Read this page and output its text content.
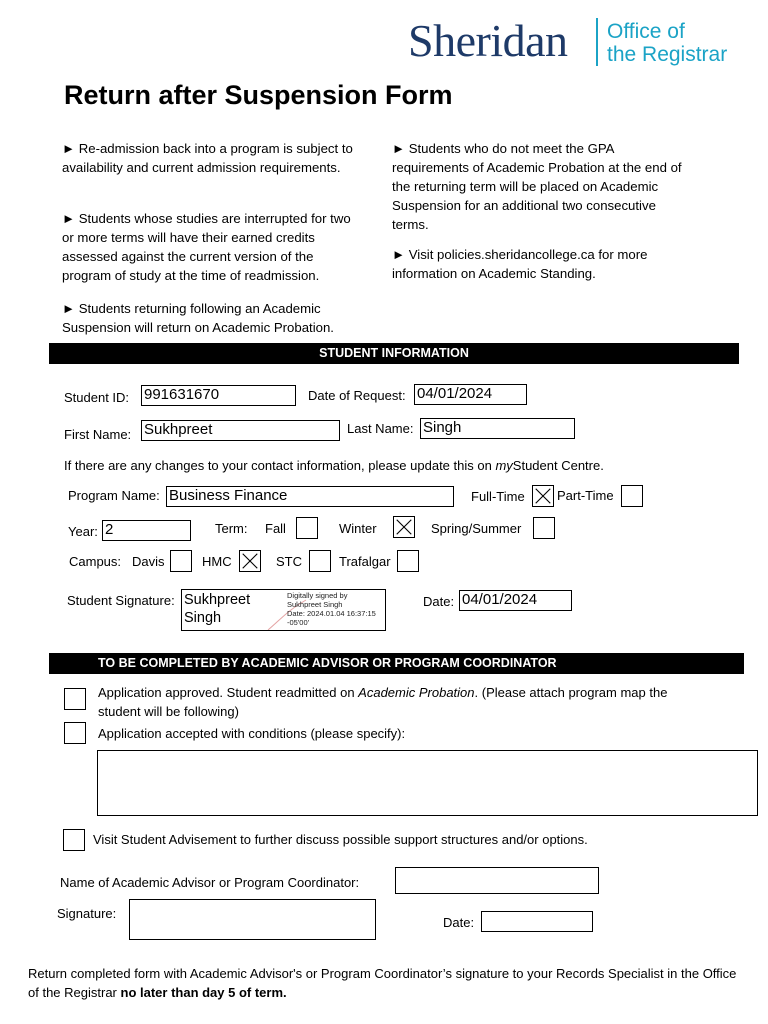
Sheridan Office of
the Registrar
Return after Suspension Form
► Re-admission back into a program is subject to availability and current admission requirements.
► Students whose studies are interrupted for two or more terms will have their earned credits assessed against the current version of the program of study at the time of readmission.
► Students returning following an Academic Suspension will return on Academic Probation.
► Students who do not meet the GPA requirements of Academic Probation at the end of the returning term will be placed on Academic Suspension for an additional two consecutive terms.
► Visit policies.sheridancollege.ca for more information on Academic Standing.
STUDENT INFORMATION
Student ID: 991631670	Date of Request: 04/01/2024
First Name: Sukhpreet	Last Name: Singh
If there are any changes to your contact information, please update this on myStudent Centre.
Program Name: Business Finance	Full-Time Part-Time
Year: 2	Term: Fall	Winter	Spring/Summer
Campus: Davis	HMC	STC	Trafalgar
Student Signature: Sukhpreet
Singh
Digitally signed by
Sukhpreet Singh
Date: 2024.01.04 16:37:15
-05'00'
Date: 04/01/2024
TO BE COMPLETED BY ACADEMIC ADVISOR OR PROGRAM COORDINATOR
Application approved. Student readmitted on Academic Probation. (Please attach program map the student will be following)
Application accepted with conditions (please specify):
Visit Student Advisement to further discuss possible support structures and/or options.
Name of Academic Advisor or Program Coordinator:
Signature:
Date:
Return completed form with Academic Advisor's or Program Coordinator’s signature to your Records Specialist in the Office of the Registrar no later than day 5 of term.
